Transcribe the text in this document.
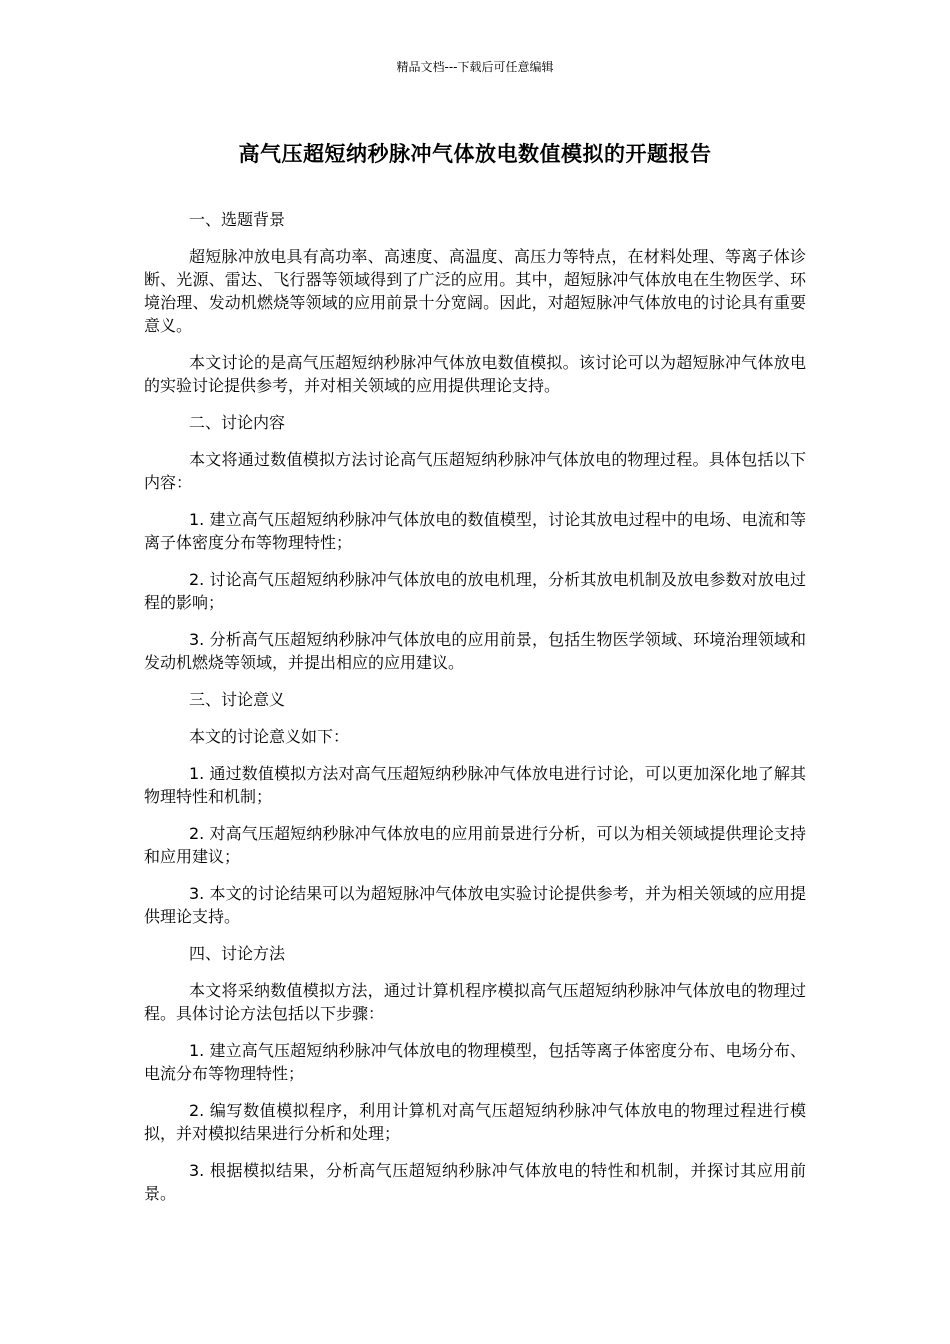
精品文档---下载后可任意编辑
高气压超短纳秒脉冲气体放电数值模拟的开题报告

一、选题背景

超短脉冲放电具有高功率、高速度、高温度、高压力等特点，在材料处理、等离子体诊断、光源、雷达、飞行器等领域得到了广泛的应用。其中，超短脉冲气体放电在生物医学、环境治理、发动机燃烧等领域的应用前景十分宽阔。因此，对超短脉冲气体放电的讨论具有重要意义。

本文讨论的是高气压超短纳秒脉冲气体放电数值模拟。该讨论可以为超短脉冲气体放电的实验讨论提供参考，并对相关领域的应用提供理论支持。

二、讨论内容

本文将通过数值模拟方法讨论高气压超短纳秒脉冲气体放电的物理过程。具体包括以下内容：

1. 建立高气压超短纳秒脉冲气体放电的数值模型，讨论其放电过程中的电场、电流和等离子体密度分布等物理特性；

2. 讨论高气压超短纳秒脉冲气体放电的放电机理，分析其放电机制及放电参数对放电过程的影响；

3. 分析高气压超短纳秒脉冲气体放电的应用前景，包括生物医学领域、环境治理领域和发动机燃烧等领域，并提出相应的应用建议。

三、讨论意义

本文的讨论意义如下：

1. 通过数值模拟方法对高气压超短纳秒脉冲气体放电进行讨论，可以更加深化地了解其物理特性和机制；

2. 对高气压超短纳秒脉冲气体放电的应用前景进行分析，可以为相关领域提供理论支持和应用建议；

3. 本文的讨论结果可以为超短脉冲气体放电实验讨论提供参考，并为相关领域的应用提供理论支持。

四、讨论方法

本文将采纳数值模拟方法，通过计算机程序模拟高气压超短纳秒脉冲气体放电的物理过程。具体讨论方法包括以下步骤：

1. 建立高气压超短纳秒脉冲气体放电的物理模型，包括等离子体密度分布、电场分布、电流分布等物理特性；

2. 编写数值模拟程序，利用计算机对高气压超短纳秒脉冲气体放电的物理过程进行模拟，并对模拟结果进行分析和处理；

3. 根据模拟结果，分析高气压超短纳秒脉冲气体放电的特性和机制，并探讨其应用前景。
